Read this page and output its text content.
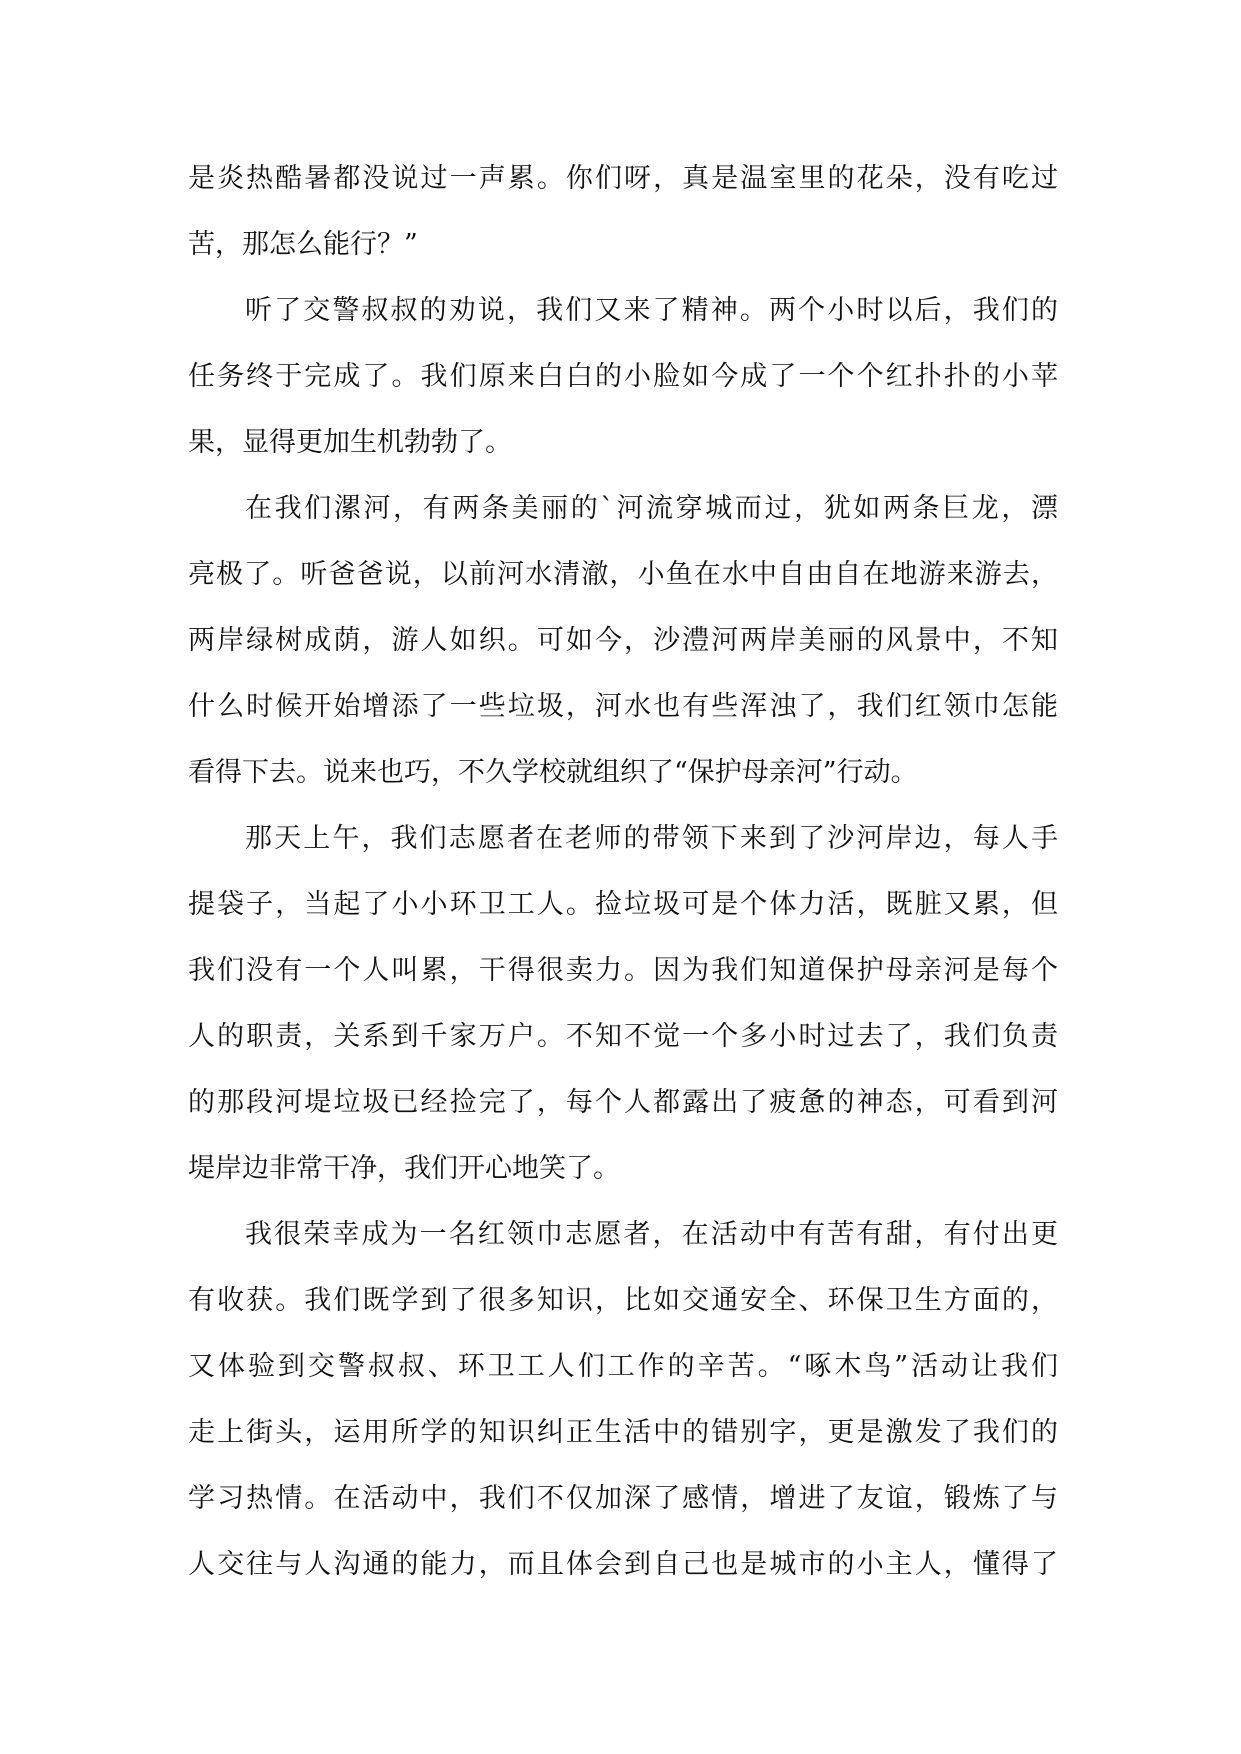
是炎热酷暑都没说过一声累。你们呀，真是温室里的花朵，没有吃过
苦，那怎么能行？”
听了交警叔叔的劝说，我们又来了精神。两个小时以后，我们的
任务终于完成了。我们原来白白的小脸如今成了一个个红扑扑的小苹
果，显得更加生机勃勃了。
在我们漯河，有两条美丽的`河流穿城而过，犹如两条巨龙，漂
亮极了。听爸爸说，以前河水清澈，小鱼在水中自由自在地游来游去，
两岸绿树成荫，游人如织。可如今，沙澧河两岸美丽的风景中，不知
什么时候开始增添了一些垃圾，河水也有些浑浊了，我们红领巾怎能
看得下去。说来也巧，不久学校就组织了“保护母亲河”行动。
那天上午，我们志愿者在老师的带领下来到了沙河岸边，每人手
提袋子，当起了小小环卫工人。捡垃圾可是个体力活，既脏又累，但
我们没有一个人叫累，干得很卖力。因为我们知道保护母亲河是每个
人的职责，关系到千家万户。不知不觉一个多小时过去了，我们负责
的那段河堤垃圾已经捡完了，每个人都露出了疲惫的神态，可看到河
堤岸边非常干净，我们开心地笑了。
我很荣幸成为一名红领巾志愿者，在活动中有苦有甜，有付出更
有收获。我们既学到了很多知识，比如交通安全、环保卫生方面的，
又体验到交警叔叔、环卫工人们工作的辛苦。“啄木鸟”活动让我们
走上街头，运用所学的知识纠正生活中的错别字，更是激发了我们的
学习热情。在活动中，我们不仅加深了感情，增进了友谊，锻炼了与
人交往与人沟通的能力，而且体会到自己也是城市的小主人，懂得了
